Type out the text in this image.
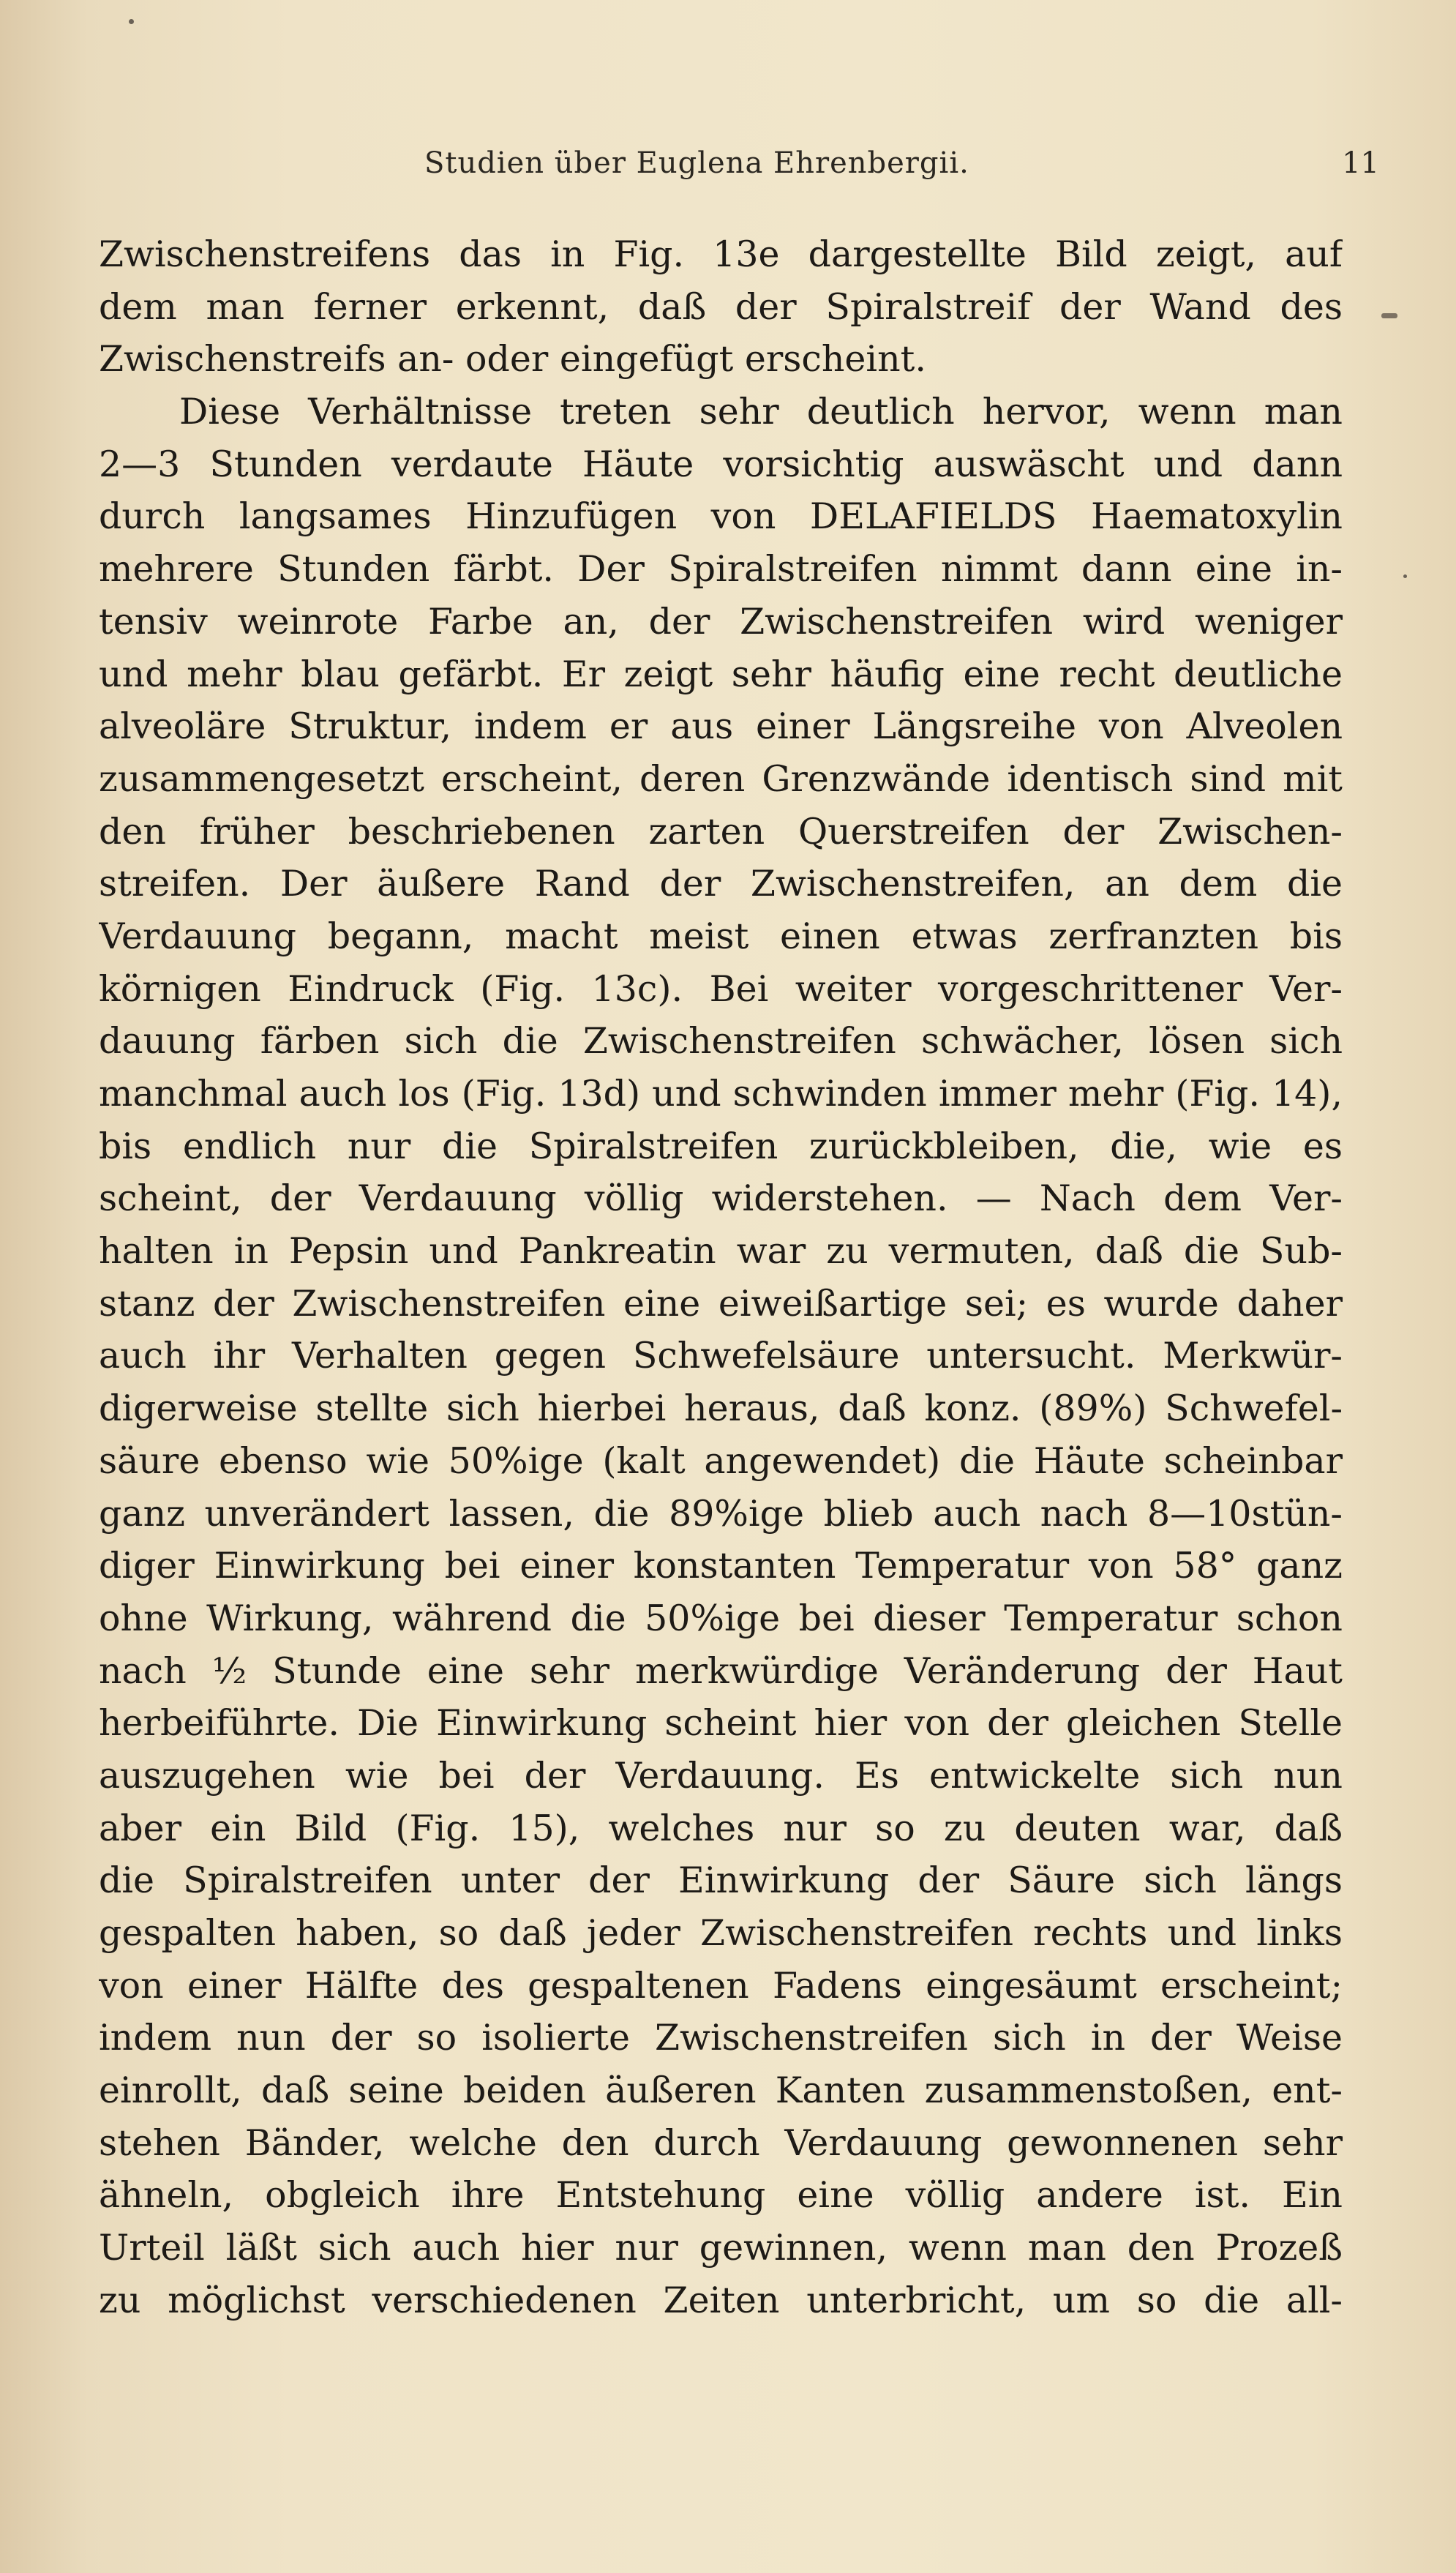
Studien über Euglena Ehrenbergii.	11
Zwischenstreifens das in Fig. 13e dargestellte Bild zeigt, auf
dem man ferner erkennt, daß der Spiralstreif der Wand des
Zwischenstreifs an- oder eingefügt erscheint.
Diese Verhältnisse treten sehr deutlich hervor, wenn man
2—3 Stunden verdaute Häute vorsichtig auswäscht und dann
durch langsames Hinzufügen von DELAFIELDS Haematoxylin
mehrere Stunden färbt. Der Spiralstreifen nimmt dann eine in-
tensiv weinrote Farbe an, der Zwischenstreifen wird weniger
und mehr blau gefärbt. Er zeigt sehr häufig eine recht deutliche
alveoläre Struktur, indem er aus einer Längsreihe von Alveolen
zusammengesetzt erscheint, deren Grenzwände identisch sind mit
den früher beschriebenen zarten Querstreifen der Zwischen-
streifen. Der äußere Rand der Zwischenstreifen, an dem die
Verdauung begann, macht meist einen etwas zerfranzten bis
körnigen Eindruck (Fig. 13c). Bei weiter vorgeschrittener Ver-
dauung färben sich die Zwischenstreifen schwächer, lösen sich
manchmal auch los (Fig. 13d) und schwinden immer mehr (Fig. 14),
bis endlich nur die Spiralstreifen zurückbleiben, die, wie es
scheint, der Verdauung völlig widerstehen. — Nach dem Ver-
halten in Pepsin und Pankreatin war zu vermuten, daß die Sub-
stanz der Zwischenstreifen eine eiweißartige sei; es wurde daher
auch ihr Verhalten gegen Schwefelsäure untersucht. Merkwür-
digerweise stellte sich hierbei heraus, daß konz. (89%) Schwefel-
säure ebenso wie 50%ige (kalt angewendet) die Häute scheinbar
ganz unverändert lassen, die 89%ige blieb auch nach 8—10stün-
diger Einwirkung bei einer konstanten Temperatur von 58° ganz
ohne Wirkung, während die 50%ige bei dieser Temperatur schon
nach ½ Stunde eine sehr merkwürdige Veränderung der Haut
herbeiführte. Die Einwirkung scheint hier von der gleichen Stelle
auszugehen wie bei der Verdauung. Es entwickelte sich nun
aber ein Bild (Fig. 15), welches nur so zu deuten war, daß
die Spiralstreifen unter der Einwirkung der Säure sich längs
gespalten haben, so daß jeder Zwischenstreifen rechts und links
von einer Hälfte des gespaltenen Fadens eingesäumt erscheint;
indem nun der so isolierte Zwischenstreifen sich in der Weise
einrollt, daß seine beiden äußeren Kanten zusammenstoßen, ent-
stehen Bänder, welche den durch Verdauung gewonnenen sehr
ähneln, obgleich ihre Entstehung eine völlig andere ist. Ein
Urteil läßt sich auch hier nur gewinnen, wenn man den Prozeß
zu möglichst verschiedenen Zeiten unterbricht, um so die all-
